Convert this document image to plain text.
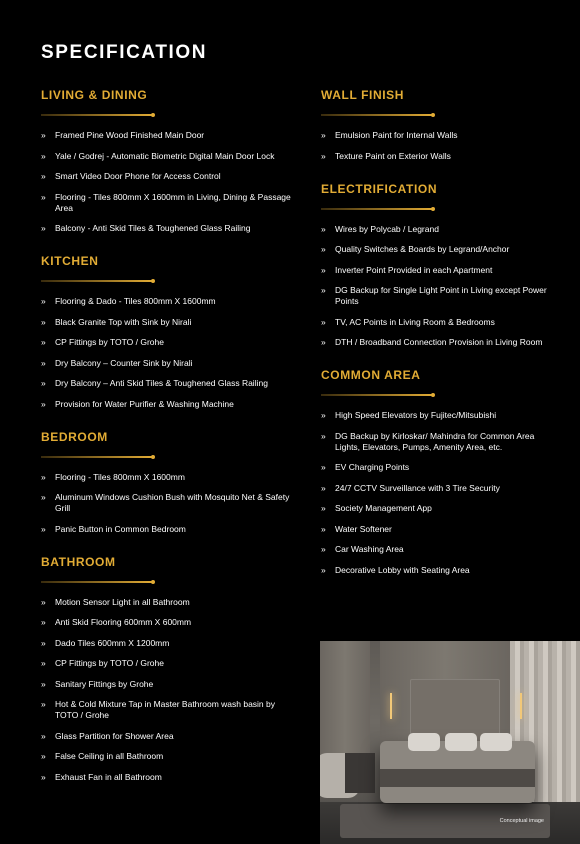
SPECIFICATION
LIVING & DINING
» Framed Pine Wood Finished Main Door
» Yale / Godrej - Automatic Biometric Digital Main Door Lock
» Smart Video Door Phone for Access Control
» Flooring - Tiles 800mm X 1600mm in Living, Dining & Passage Area
» Balcony - Anti Skid Tiles & Toughened Glass Railing
KITCHEN
» Flooring & Dado - Tiles 800mm X 1600mm
» Black Granite Top with Sink by Nirali
» CP Fittings by TOTO / Grohe
» Dry Balcony – Counter Sink by Nirali
» Dry Balcony – Anti Skid Tiles & Toughened Glass Railing
» Provision for Water Purifier & Washing Machine
BEDROOM
» Flooring - Tiles 800mm X 1600mm
» Aluminum Windows Cushion Bush with Mosquito Net & Safety Grill
» Panic Button in Common Bedroom
BATHROOM
» Motion Sensor Light in all Bathroom
» Anti Skid Flooring 600mm X 600mm
» Dado Tiles 600mm X 1200mm
» CP Fittings by TOTO / Grohe
» Sanitary Fittings by Grohe
» Hot & Cold Mixture Tap in Master Bathroom wash basin by TOTO / Grohe
» Glass Partition for Shower Area
» False Ceiling in all Bathroom
» Exhaust Fan in all Bathroom
WALL FINISH
» Emulsion Paint for Internal Walls
» Texture Paint on Exterior Walls
ELECTRIFICATION
» Wires by Polycab / Legrand
» Quality Switches & Boards by Legrand/Anchor
» Inverter Point Provided in each Apartment
» DG Backup for Single Light Point in Living except Power Points
» TV, AC Points in Living Room & Bedrooms
» DTH / Broadband Connection Provision in Living Room
COMMON AREA
» High Speed Elevators by Fujitec/Mitsubishi
» DG Backup by Kirloskar/ Mahindra for Common Area Lights, Elevators, Pumps, Amenity Area, etc.
» EV Charging Points
» 24/7 CCTV Surveillance with 3 Tire Security
» Society Management App
» Water Softener
» Car Washing Area
» Decorative Lobby with Seating Area
Conceptual image
